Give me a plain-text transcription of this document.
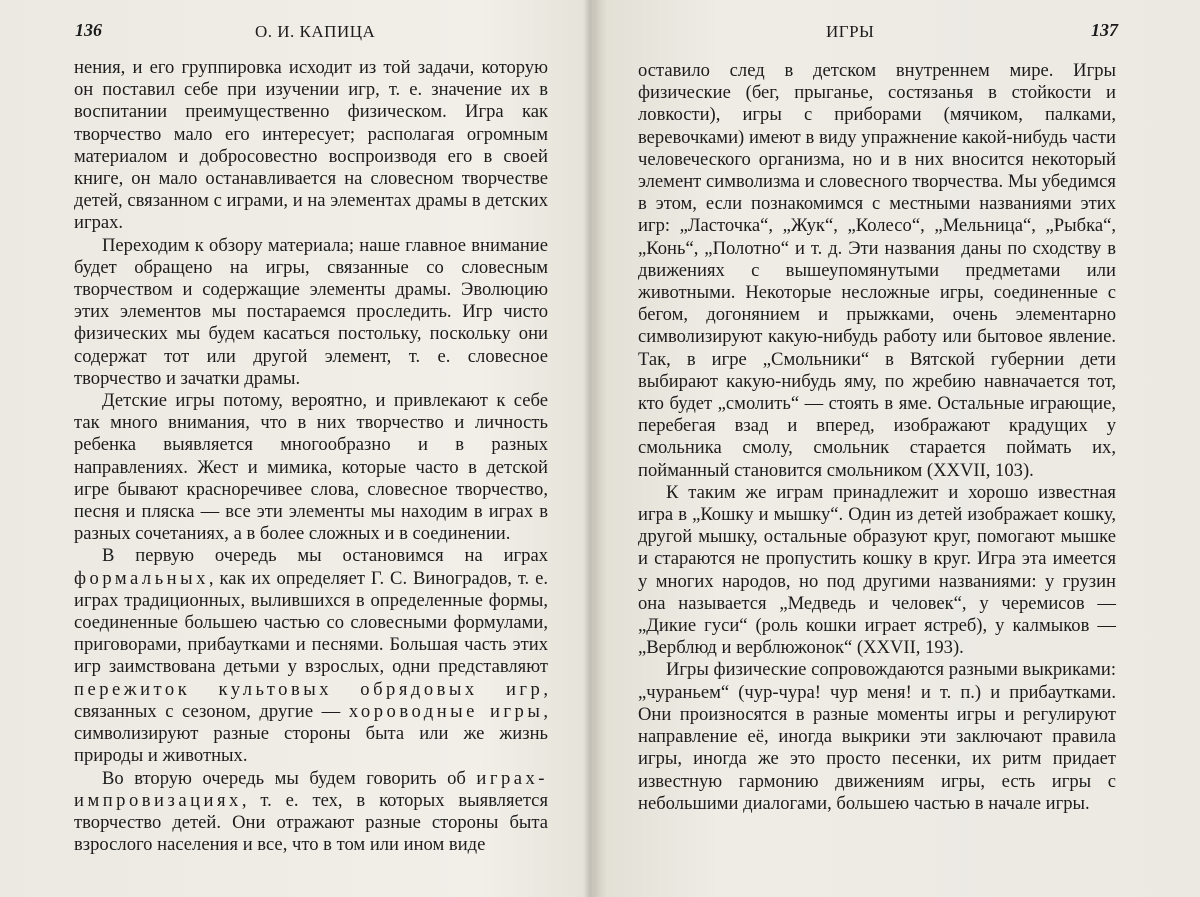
136	О. И. КАПИЦА

нения, и его группировка исходит из той задачи, которую он поставил себе при изучении игр, т. е. значение их в воспитании преимущественно физическом. Игра как творчество мало его интересует; располагая огромным материалом и добросовестно воспроизводя его в своей книге, он мало останавливается на словесном творчестве детей, связанном с играми, и на элементах драмы в детских играх.

Переходим к обзору материала; наше главное внимание будет обращено на игры, связанные со словесным творчеством и содержащие элементы драмы. Эволюцию этих элементов мы постараемся проследить. Игр чисто физических мы будем касаться постольку, поскольку они содержат тот или другой элемент, т. е. словесное творчество и зачатки драмы.

Детские игры потому, вероятно, и привлекают к себе так много внимания, что в них творчество и личность ребенка выявляется многообразно и в разных направлениях. Жест и мимика, которые часто в детской игре бывают красноречивее слова, словесное творчество, песня и пляска — все эти элементы мы находим в играх в разных сочетаниях, а в более сложных и в соединении.

В первую очередь мы остановимся на играх формальных, как их определяет Г. С. Виноградов, т. е. играх традиционных, вылившихся в определенные формы, соединенные большею частью со словесными формулами, приговорами, прибаутками и песнями. Большая часть этих игр заимствована детьми у взрослых, одни представляют пережиток культовых обрядовых игр, связанных с сезоном, другие — хороводные игры, символизируют разные стороны быта или же жизнь природы и животных.

Во вторую очередь мы будем говорить об играх-импровизациях, т. е. тех, в которых выявляется творчество детей. Они отражают разные стороны быта взрослого населения и все, что в том или ином виде

ИГРЫ	137

оставило след в детском внутреннем мире. Игры физические (бег, прыганье, состязанья в стойкости и ловкости), игры с приборами (мячиком, палками, веревочками) имеют в виду упражнение какой-нибудь части человеческого организма, но и в них вносится некоторый элемент символизма и словесного творчества. Мы убедимся в этом, если познакомимся с местными названиями этих игр: „Ласточка“, „Жук“, „Колесо“, „Мельница“, „Рыбка“, „Конь“, „Полотно“ и т. д. Эти названия даны по сходству в движениях с вышеупомянутыми предметами или животными. Некоторые несложные игры, соединенные с бегом, догонянием и прыжками, очень элементарно символизируют какую-нибудь работу или бытовое явление. Так, в игре „Смольники“ в Вятской губернии дети выбирают какую-нибудь яму, по жребию навначается тот, кто будет „смолить“ — стоять в яме. Остальные играющие, перебегая взад и вперед, изображают крадущих у смольника смолу, смольник старается поймать их, пойманный становится смольником (XXVII, 103).

К таким же играм принадлежит и хорошо известная игра в „Кошку и мышку“. Один из детей изображает кошку, другой мышку, остальные образуют круг, помогают мышке и стараются не пропустить кошку в круг. Игра эта имеется у многих народов, но под другими названиями: у грузин она называется „Медведь и человек“, у черемисов — „Дикие гуси“ (роль кошки играет ястреб), у калмыков — „Верблюд и верблюжонок“ (XXVII, 193).

Игры физические сопровождаются разными выкриками: „чураньем“ (чур-чура! чур меня! и т. п.) и прибаутками. Они произносятся в разные моменты игры и регулируют направление её, иногда выкрики эти заключают правила игры, иногда же это просто песенки, их ритм придает известную гармонию движениям игры, есть игры с небольшими диалогами, большею частью в начале игры.
